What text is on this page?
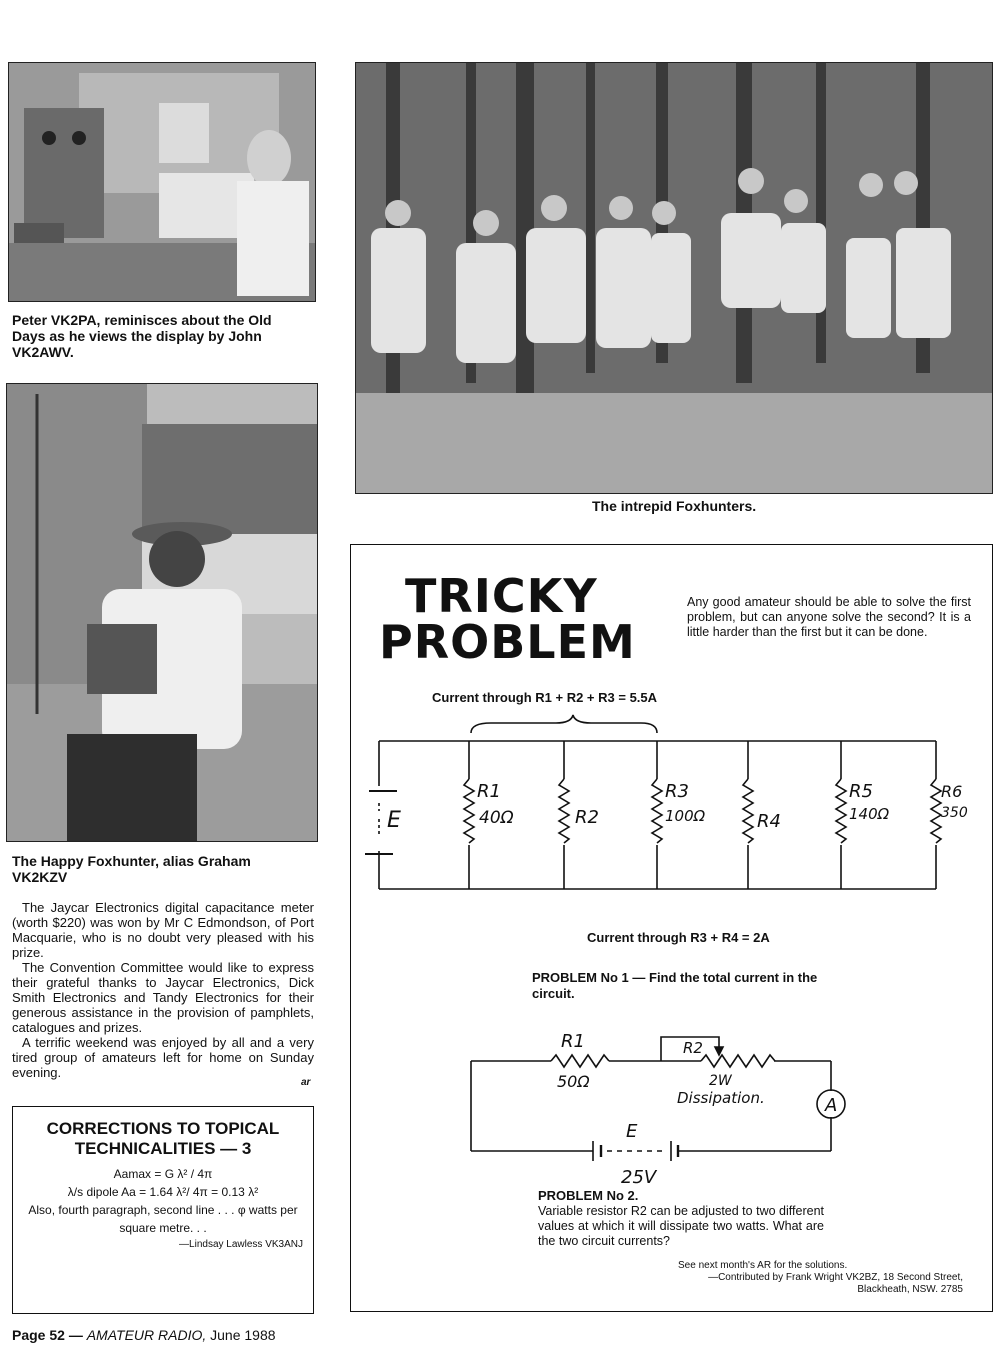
Peter VK2PA, reminisces about the Old Days as he views the display by John VK2AWV.
The intrepid Foxhunters.
The Happy Foxhunter, alias Graham VK2KZV

The Jaycar Electronics digital capacitance meter (worth $220) was won by Mr C Edmondson, of Port Macquarie, who is no doubt very pleased with his prize.

The Convention Committee would like to express their grateful thanks to Jaycar Electronics, Dick Smith Electronics and Tandy Electronics for their generous assistance in the provision of pamphlets, catalogues and prizes.

A terrific weekend was enjoyed by all and a very tired group of amateurs left for home on Sunday evening.

ar
CORRECTIONS TO TOPICAL TECHNICALITIES — 3
Aamax = G λ² / 4π
λ/s dipole Aa = 1.64 λ²/ 4π = 0.13 λ²
Also, fourth paragraph, second line . . . φ watts per square metre. . .
—Lindsay Lawless VK3ANJ
TRICKY
PROBLEM
Any good amateur should be able to solve the first problem, but can anyone solve the second? It is a little harder than the first but it can be done.
Current through R1 + R2 + R3 = 5.5A
E
R1
40Ω	R2
R3
100Ω	R4
R5
140Ω
R6
350
Current through R3 + R4 = 2A
PROBLEM No 1 — Find the total current in the circuit.
R1
50Ω
R2
2W
Dissipation.	A
E
25V
PROBLEM No 2.
Variable resistor R2 can be adjusted to two different values at which it will dissipate two watts. What are the two circuit currents?
See next month's AR for the solutions.
—Contributed by Frank Wright VK2BZ, 18 Second Street,
Blackheath, NSW. 2785
Page 52 — AMATEUR RADIO, June 1988
